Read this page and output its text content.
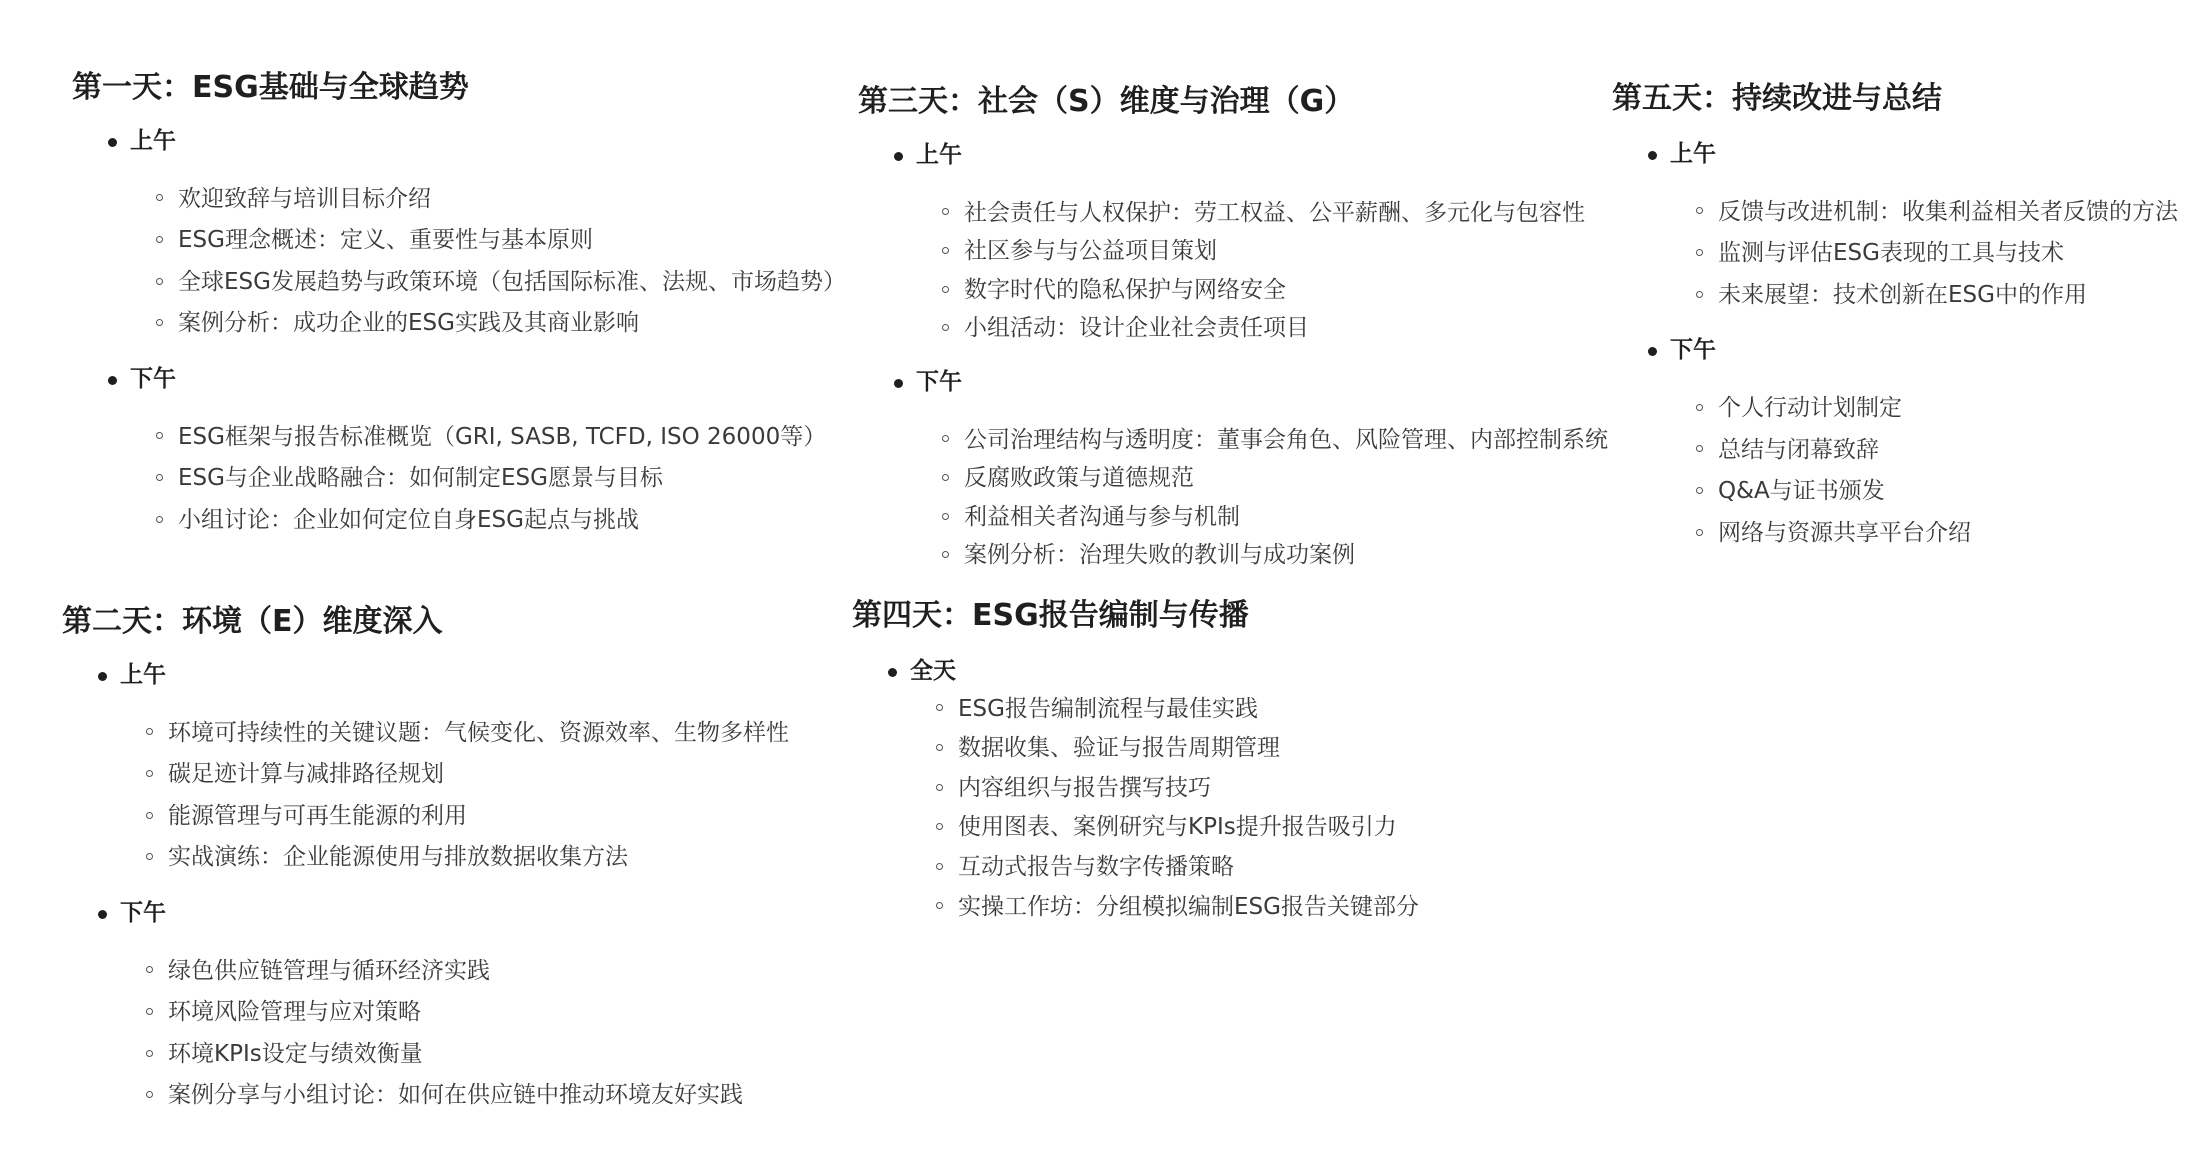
第一天：ESG基础与全球趋势
上午
欢迎致辞与培训目标介绍
ESG理念概述：定义、重要性与基本原则
全球ESG发展趋势与政策环境（包括国际标准、法规、市场趋势）
案例分析：成功企业的ESG实践及其商业影响
下午
ESG框架与报告标准概览（GRI, SASB, TCFD, ISO 26000等）
ESG与企业战略融合：如何制定ESG愿景与目标
小组讨论：企业如何定位自身ESG起点与挑战
第二天：环境（E）维度深入
上午
环境可持续性的关键议题：气候变化、资源效率、生物多样性
碳足迹计算与减排路径规划
能源管理与可再生能源的利用
实战演练：企业能源使用与排放数据收集方法
下午
绿色供应链管理与循环经济实践
环境风险管理与应对策略
环境KPIs设定与绩效衡量
案例分享与小组讨论：如何在供应链中推动环境友好实践
第三天：社会（S）维度与治理（G）
上午
社会责任与人权保护：劳工权益、公平薪酬、多元化与包容性
社区参与与公益项目策划
数字时代的隐私保护与网络安全
小组活动：设计企业社会责任项目
下午
公司治理结构与透明度：董事会角色、风险管理、内部控制系统
反腐败政策与道德规范
利益相关者沟通与参与机制
案例分析：治理失败的教训与成功案例
第四天：ESG报告编制与传播
全天
ESG报告编制流程与最佳实践
数据收集、验证与报告周期管理
内容组织与报告撰写技巧
使用图表、案例研究与KPIs提升报告吸引力
互动式报告与数字传播策略
实操工作坊：分组模拟编制ESG报告关键部分
第五天：持续改进与总结
上午
反馈与改进机制：收集利益相关者反馈的方法
监测与评估ESG表现的工具与技术
未来展望：技术创新在ESG中的作用
下午
个人行动计划制定
总结与闭幕致辞
Q&A与证书颁发
网络与资源共享平台介绍
